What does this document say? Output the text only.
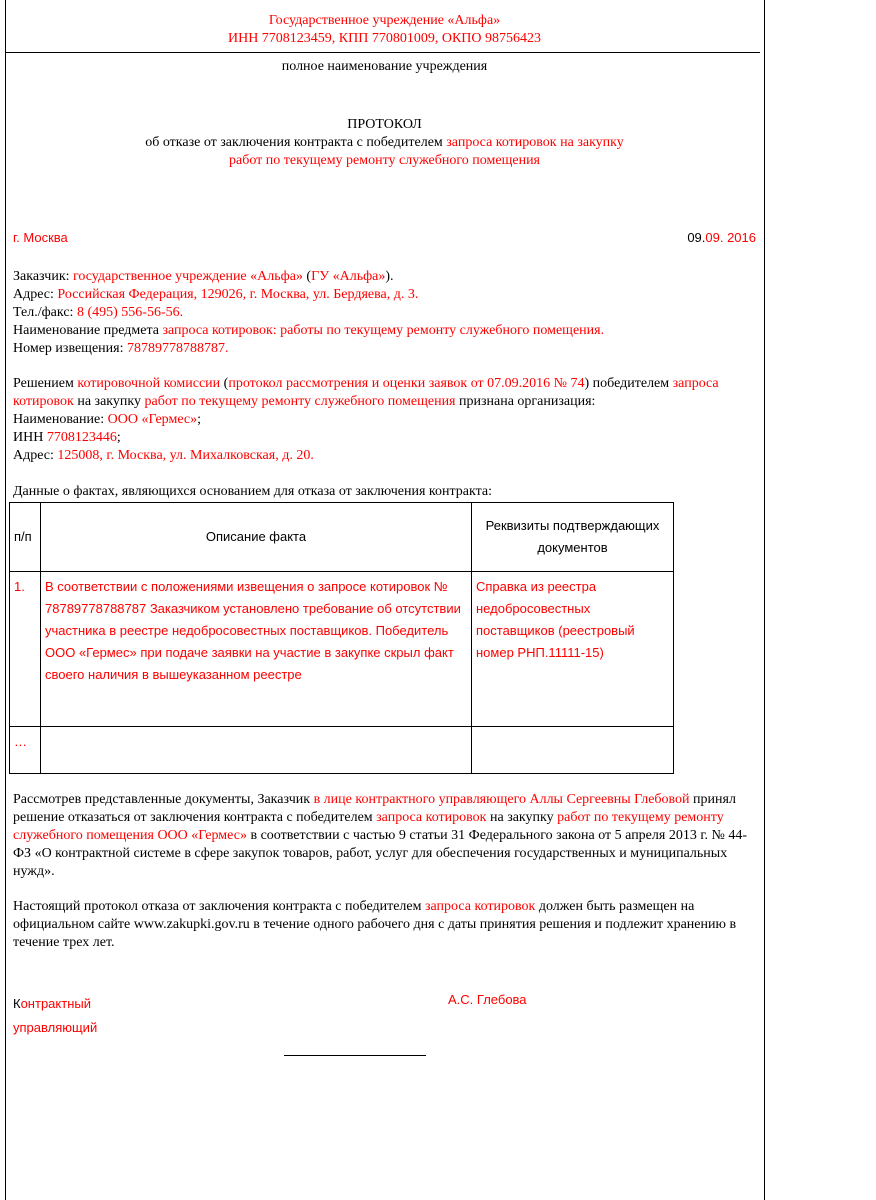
Государственное учреждение «Альфа»
ИНН 7708123459, КПП 770801009, ОКПО 98756423
полное наименование учреждения
ПРОТОКОЛ
об отказе от заключения контракта с победителем запроса котировок на закупку
работ по текущему ремонту служебного помещения
г. Москва	09.09. 2016

Заказчик: государственное учреждение «Альфа» (ГУ «Альфа»).

Адрес: Российская Федерация, 129026, г. Москва, ул. Бердяева, д. 3.

Тел./факс: 8 (495) 556-56-56.

Наименование предмета запроса котировок: работы по текущему ремонту служебного помещения.

Номер извещения: 78789778788787.

Решением котировочной комиссии (протокол рассмотрения и оценки заявок от 07.09.2016 № 74) победителем запроса котировок на закупку работ по текущему ремонту служебного помещения признана организация:

Наименование: ООО «Гермес»;

ИНН 7708123446;

Адрес: 125008, г. Москва, ул. Михалковская, д. 20.

Данные о фактах, являющихся основанием для отказа от заключения контракта:
п/п	Описание факта	Реквизиты подтверждающих документов
1.	В соответствии с положениями извещения о запросе котировок № 78789778788787 Заказчиком установлено требование об отсутствии участника в реестре недобросовестных поставщиков. Победитель ООО «Гермес» при подаче заявки на участие в закупке скрыл факт своего наличия в вышеуказанном реестре	Справка из реестра недобросовестных поставщиков (реестровый номер РНП.11111-15)
…		

Рассмотрев представленные документы, Заказчик в лице контрактного управляющего Аллы Сергеевны Глебовой принял решение отказаться от заключения контракта с победителем запроса котировок на закупку работ по текущему ремонту служебного помещения ООО «Гермес» в соответствии с частью 9 статьи 31 Федерального закона от 5 апреля 2013 г. № 44-ФЗ «О контрактной системе в сфере закупок товаров, работ, услуг для обеспечения государственных и муниципальных нужд».

Настоящий протокол отказа от заключения контракта с победителем запроса котировок должен быть размещен на официальном сайте www.zakupki.gov.ru в течение одного рабочего дня с даты принятия решения и подлежит хранению в течение трех лет.

Контрактный
управляющий
А.С. Глебова
